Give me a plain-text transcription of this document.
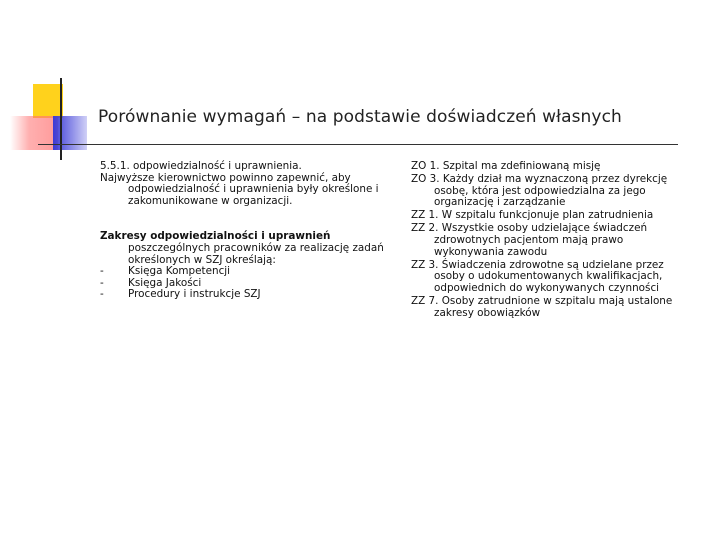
Porównanie wymagań – na podstawie doświadczeń własnych

5.5.1. odpowiedzialność i uprawnienia.

Najwyższe kierownictwo powinno zapewnić, aby odpowiedzialność i uprawnienia były określone i zakomunikowane w organizacji.

Zakresy odpowiedzialności i uprawnień poszczególnych pracowników za realizację zadań określonych w SZJ określają:

- Księga Kompetencji

- Księga Jakości

- Procedury i instrukcje SZJ

ZO 1. Szpital ma zdefiniowaną misję

ZO 3. Każdy dział ma wyznaczoną przez dyrekcję osobę, która jest odpowiedzialna za jego organizację i zarządzanie

ZZ 1. W szpitalu funkcjonuje plan zatrudnienia

ZZ 2. Wszystkie osoby udzielające świadczeń zdrowotnych pacjentom mają prawo wykonywania zawodu

ZZ 3. Świadczenia zdrowotne są udzielane przez osoby o udokumentowanych kwalifikacjach, odpowiednich do wykonywanych czynności

ZZ 7. Osoby zatrudnione w szpitalu mają ustalone zakresy obowiązków
